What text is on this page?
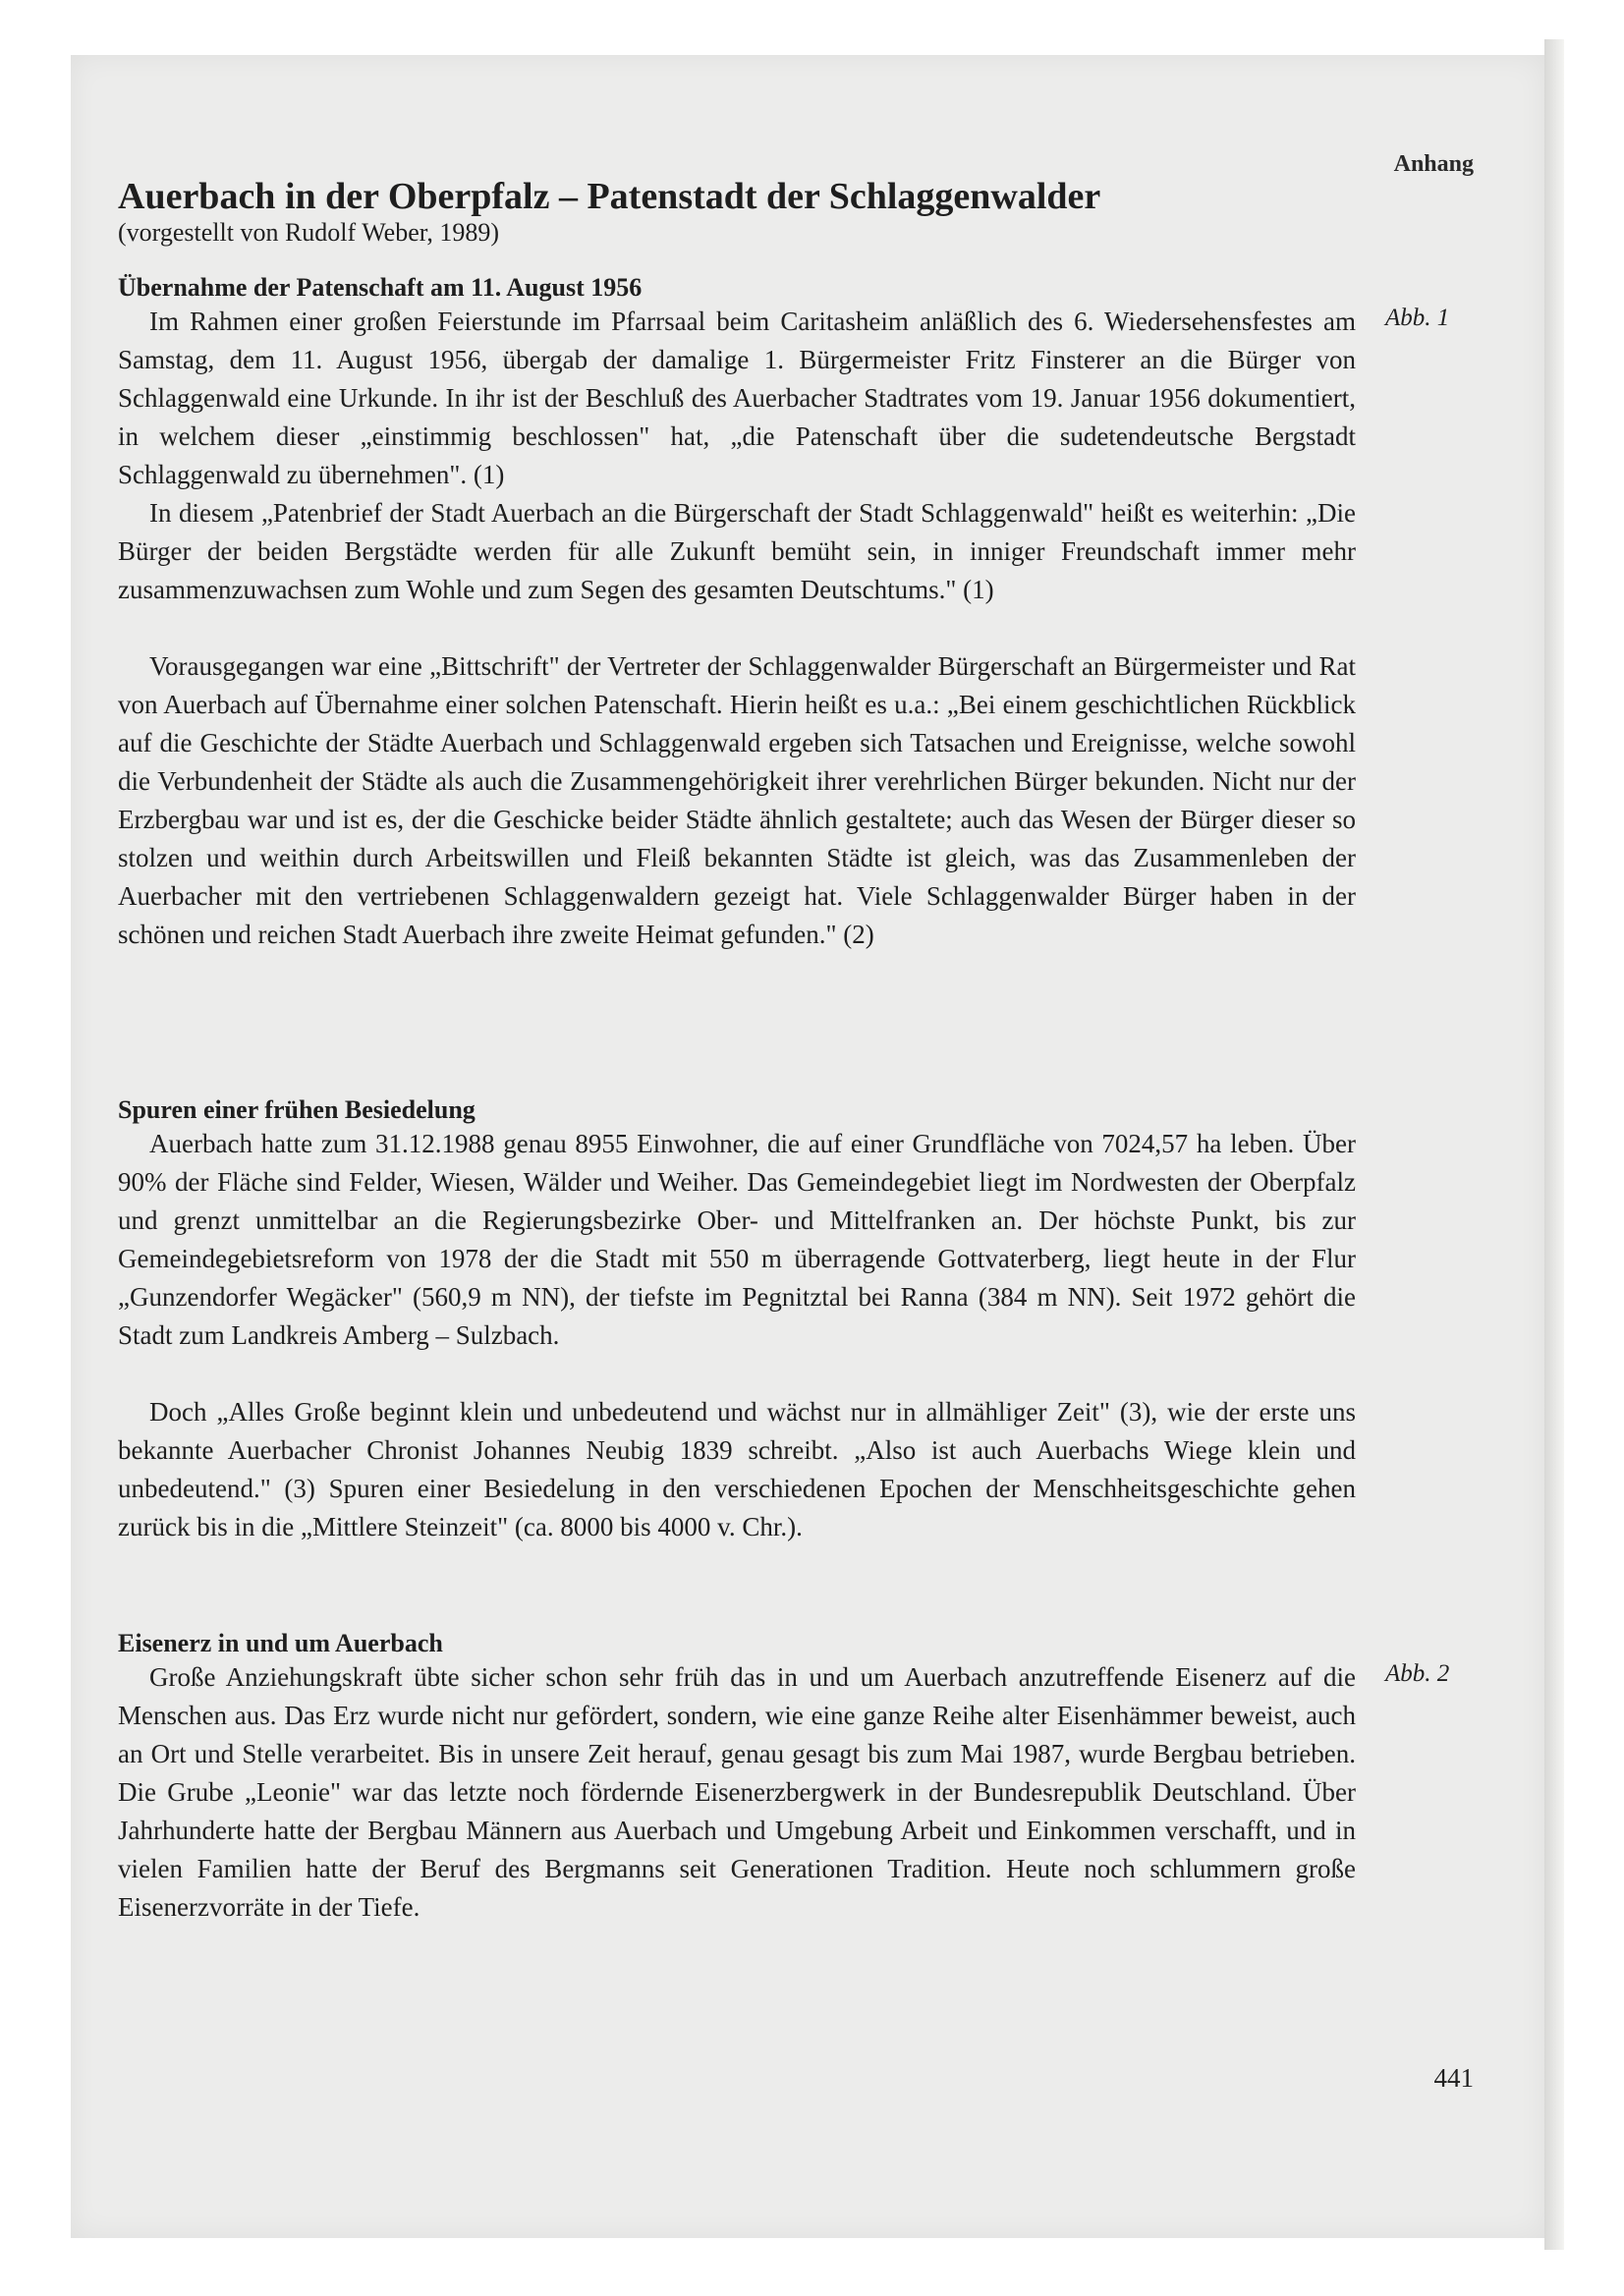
Anhang
Auerbach in der Oberpfalz – Patenstadt der Schlaggenwalder
(vorgestellt von Rudolf Weber, 1989)
Übernahme der Patenschaft am 11. August 1956
Abb. 1
Im Rahmen einer großen Feierstunde im Pfarrsaal beim Caritasheim anläßlich des 6. Wiedersehensfestes am Samstag, dem 11. August 1956, übergab der damalige 1. Bürgermeister Fritz Finsterer an die Bürger von Schlaggenwald eine Urkunde. In ihr ist der Beschluß des Auerbacher Stadtrates vom 19. Januar 1956 dokumentiert, in welchem dieser „einstimmig beschlossen" hat, „die Patenschaft über die sudetendeutsche Bergstadt Schlaggenwald zu übernehmen". (1)
In diesem „Patenbrief der Stadt Auerbach an die Bürgerschaft der Stadt Schlaggenwald" heißt es weiterhin: „Die Bürger der beiden Bergstädte werden für alle Zukunft bemüht sein, in inniger Freundschaft immer mehr zusammenzuwachsen zum Wohle und zum Segen des gesamten Deutschtums." (1)
Vorausgegangen war eine „Bittschrift" der Vertreter der Schlaggenwalder Bürgerschaft an Bürgermeister und Rat von Auerbach auf Übernahme einer solchen Patenschaft. Hierin heißt es u.a.: „Bei einem geschichtlichen Rückblick auf die Geschichte der Städte Auerbach und Schlaggenwald ergeben sich Tatsachen und Ereignisse, welche sowohl die Verbundenheit der Städte als auch die Zusammengehörigkeit ihrer verehrlichen Bürger bekunden. Nicht nur der Erzbergbau war und ist es, der die Geschicke beider Städte ähnlich gestaltete; auch das Wesen der Bürger dieser so stolzen und weithin durch Arbeitswillen und Fleiß bekannten Städte ist gleich, was das Zusammenleben der Auerbacher mit den vertriebenen Schlaggenwaldern gezeigt hat. Viele Schlaggenwalder Bürger haben in der schönen und reichen Stadt Auerbach ihre zweite Heimat gefunden." (2)
Spuren einer frühen Besiedelung
Auerbach hatte zum 31.12.1988 genau 8955 Einwohner, die auf einer Grundfläche von 7024,57 ha leben. Über 90% der Fläche sind Felder, Wiesen, Wälder und Weiher. Das Gemeindegebiet liegt im Nordwesten der Oberpfalz und grenzt unmittelbar an die Regierungsbezirke Ober- und Mittelfranken an. Der höchste Punkt, bis zur Gemeindegebietsreform von 1978 der die Stadt mit 550 m überragende Gottvaterberg, liegt heute in der Flur „Gunzendorfer Wegäcker" (560,9 m NN), der tiefste im Pegnitztal bei Ranna (384 m NN). Seit 1972 gehört die Stadt zum Landkreis Amberg – Sulzbach.
Doch „Alles Große beginnt klein und unbedeutend und wächst nur in allmähliger Zeit" (3), wie der erste uns bekannte Auerbacher Chronist Johannes Neubig 1839 schreibt. „Also ist auch Auerbachs Wiege klein und unbedeutend." (3) Spuren einer Besiedelung in den verschiedenen Epochen der Menschheitsgeschichte gehen zurück bis in die „Mittlere Steinzeit" (ca. 8000 bis 4000 v. Chr.).
Eisenerz in und um Auerbach
Abb. 2
Große Anziehungskraft übte sicher schon sehr früh das in und um Auerbach anzutreffende Eisenerz auf die Menschen aus. Das Erz wurde nicht nur gefördert, sondern, wie eine ganze Reihe alter Eisenhämmer beweist, auch an Ort und Stelle verarbeitet. Bis in unsere Zeit herauf, genau gesagt bis zum Mai 1987, wurde Bergbau betrieben. Die Grube „Leonie" war das letzte noch fördernde Eisenerzbergwerk in der Bundesrepublik Deutschland. Über Jahrhunderte hatte der Bergbau Männern aus Auerbach und Umgebung Arbeit und Einkommen verschafft, und in vielen Familien hatte der Beruf des Bergmanns seit Generationen Tradition. Heute noch schlummern große Eisenerzvorräte in der Tiefe.
441
